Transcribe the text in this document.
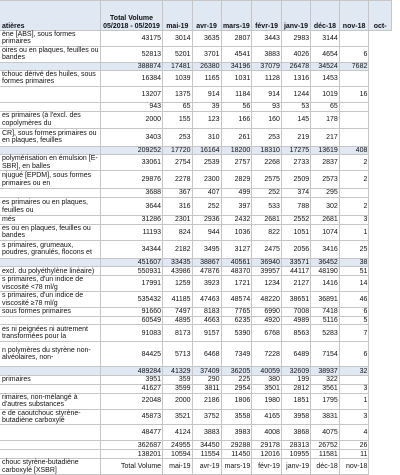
atières	Total Volume
05/2018 - 05/2019	mai-19	avr-19	mars-19	févr-19	janv-19	déc-18	nov-18	oct-
ène [ABS], sous formes primaires	43175	3014	3635	2807	3443	2983	3144		
oires ou en plaques, feuilles ou bandes	52813	5201	3701	4541	3883	4026	4654	6	
	388874	17481	26380	34196	37079	26478	34524	7682	
tchouc dérivé des huiles, sous formes primaires	16384	1039	1165	1031	1128	1316	1453		
	13207	1375	914	1184	914	1244	1019	16	
	943	65	39	56	93	53	65		
es primaires (à l'excl. des copolymères du	2000	155	123	166	160	145	178		
CR], sous formes primaires ou en plaques, feuilles	3403	253	310	261	253	219	217		
	209252	17720	16164	18200	18310	17275	13619	408	
polymérisation en émulsion [E-SBR], en balles	33061	2754	2539	2757	2268	2733	2837	2	
njugué [EPDM], sous formes primaires ou en	29876	2278	2300	2829	2575	2509	2573	2	
	3688	367	407	499	252	374	295		
es primaires ou en plaques, feuilles ou	3644	316	252	397	533	788	302	2	
més	31286	2301	2936	2432	2681	2552	2681	3	
es ou en plaques, feuilles ou bandes	11193	824	944	1036	822	1051	1074	1	
s primaires, grumeaux, poudres, granulés, flocons et	34344	2182	3495	3127	2475	2056	3416	25	
	451607	33435	38867	40561	36940	33571	36452	38	
excl. du polyéthylène linéaire)	550931	43986	47876	48370	39957	44117	48190	51	
s primaires, d'un indice de viscosité <78 ml/g	17991	1259	3923	1721	1234	2127	1416	14	
s primaires, d'un indice de viscosité ≥78 ml/g	535432	41185	47463	48574	48220	38651	36891	46	
sous formes primaires	91660	7497	8183	7765	6990	7008	7418	6	
	60549	4895	4663	6235	4920	4989	5116	5	
es ni peignées ni autrement transformées pour la	91083	8173	9157	5390	6768	8563	5283	7	
n polymères du styrène non-alvéolaires, non-	84425	5713	6468	7349	7228	6489	7154	6	
	489284	41329	37409	36205	40059	32609	38937	32	
primaires	3951	359	290	225	380	199	322		
	41627	3599	3811	2954	3501	2812	3561	3	
rimaires, non-mélangé à d'autres substances	22048	2000	2186	1806	1980	1851	1795	1	
e de caoutchouc styrène-butadiène carboxylé	45873	3521	3752	3558	4165	3958	3831	3	
	48477	4124	3883	3983	4008	3868	4075	4	
	362687	24955	34450	29288	29178	28313	26752	26	
	138201	10594	11554	11450	12016	10955	11581	11	
chouc styrène-butadiène carboxylé [XSBR]	Total Volume	mai-19	avr-19	mars-19	févr-19	janv-19	déc-18	nov-18	
